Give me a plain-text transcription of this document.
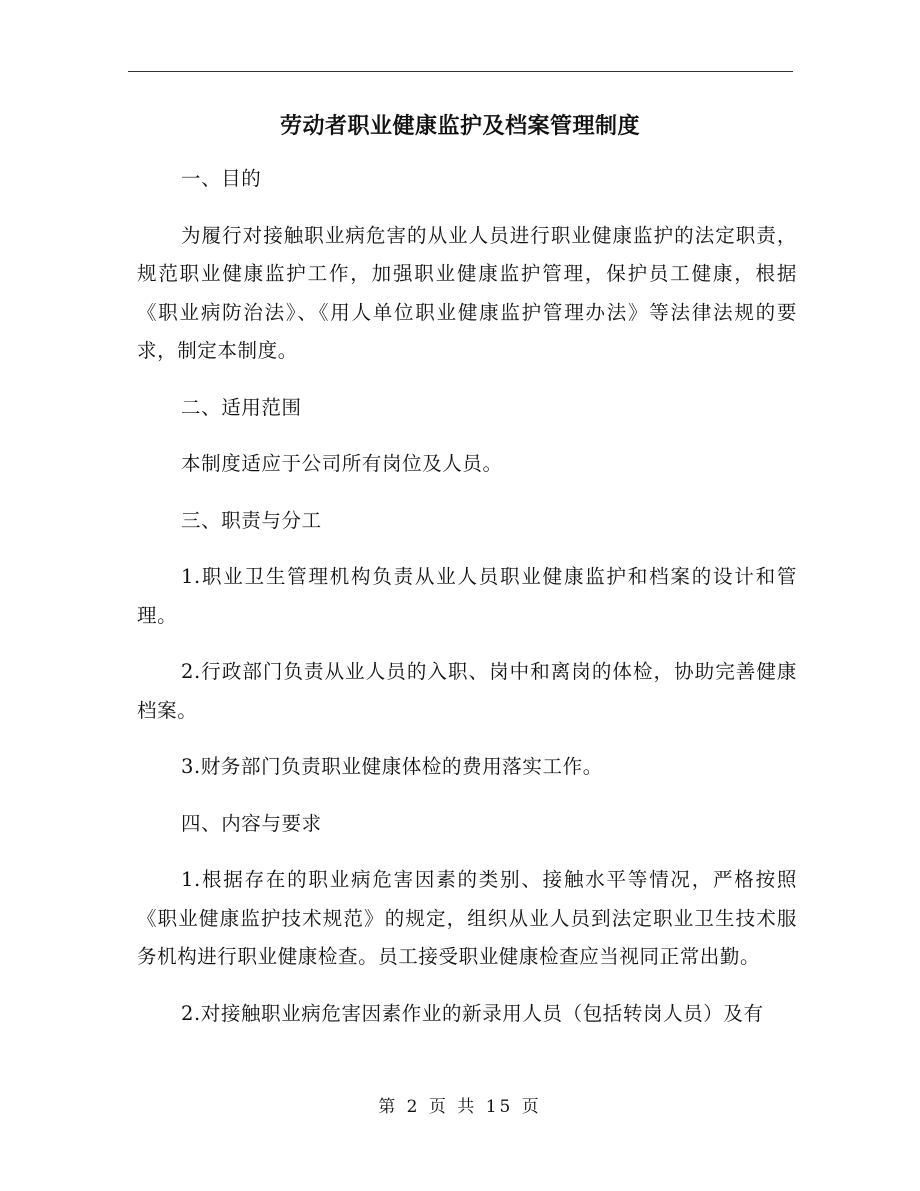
劳动者职业健康监护及档案管理制度

一、目的

为履行对接触职业病危害的从业人员进行职业健康监护的法定职责，规范职业健康监护工作，加强职业健康监护管理，保护员工健康，根据《职业病防治法》、《用人单位职业健康监护管理办法》等法律法规的要求，制定本制度。

二、适用范围

本制度适应于公司所有岗位及人员。

三、职责与分工

1.职业卫生管理机构负责从业人员职业健康监护和档案的设计和管理。

2.行政部门负责从业人员的入职、岗中和离岗的体检，协助完善健康档案。

3.财务部门负责职业健康体检的费用落实工作。

四、内容与要求

1.根据存在的职业病危害因素的类别、接触水平等情况，严格按照《职业健康监护技术规范》的规定，组织从业人员到法定职业卫生技术服务机构进行职业健康检查。员工接受职业健康检查应当视同正常出勤。

2.对接触职业病危害因素作业的新录用人员（包括转岗人员）及有

第 2 页 共 15 页
